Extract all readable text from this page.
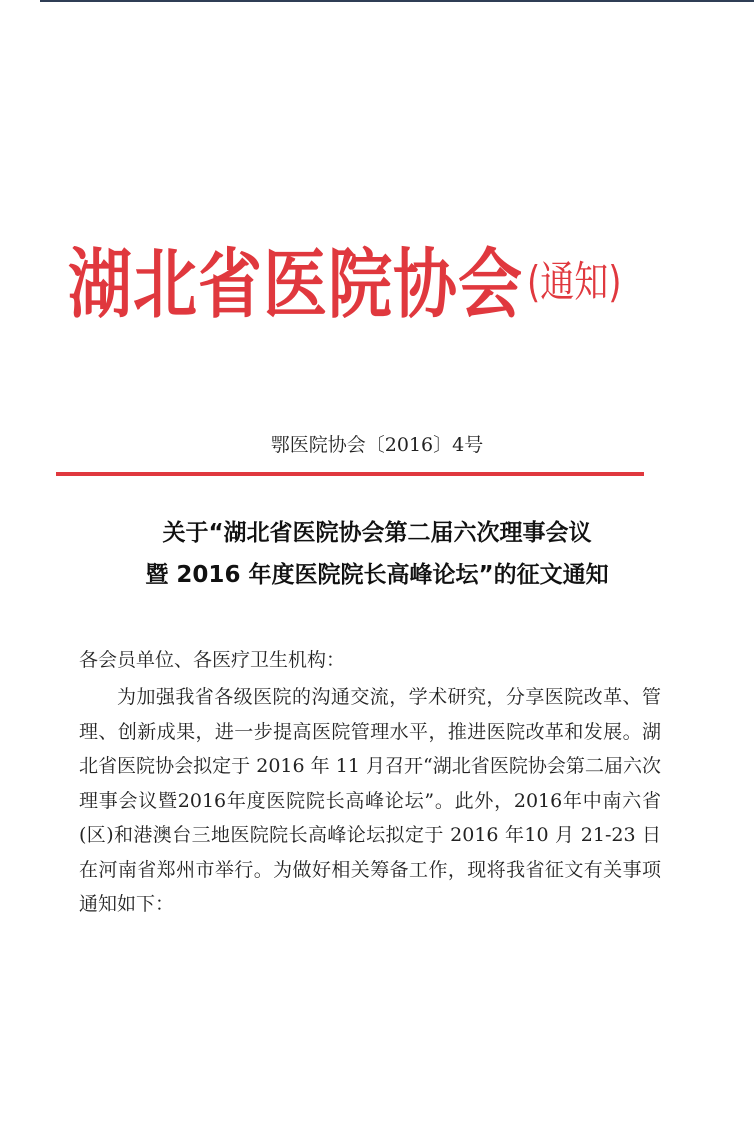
湖北省医院协会 (通知)
鄂医院协会〔2016〕4号
关于“湖北省医院协会第二届六次理事会议
暨 2016 年度医院院长高峰论坛”的征文通知
各会员单位、各医疗卫生机构：
为加强我省各级医院的沟通交流，学术研究，分享医院改革、管理、创新成果，进一步提高医院管理水平，推进医院改革和发展。湖北省医院协会拟定于 2016 年 11 月召开“湖北省医院协会第二届六次理事会议暨2016年度医院院长高峰论坛”。此外，2016年中南六省(区)和港澳台三地医院院长高峰论坛拟定于 2016 年10 月 21-23 日在河南省郑州市举行。为做好相关筹备工作，现将我省征文有关事项通知如下：
